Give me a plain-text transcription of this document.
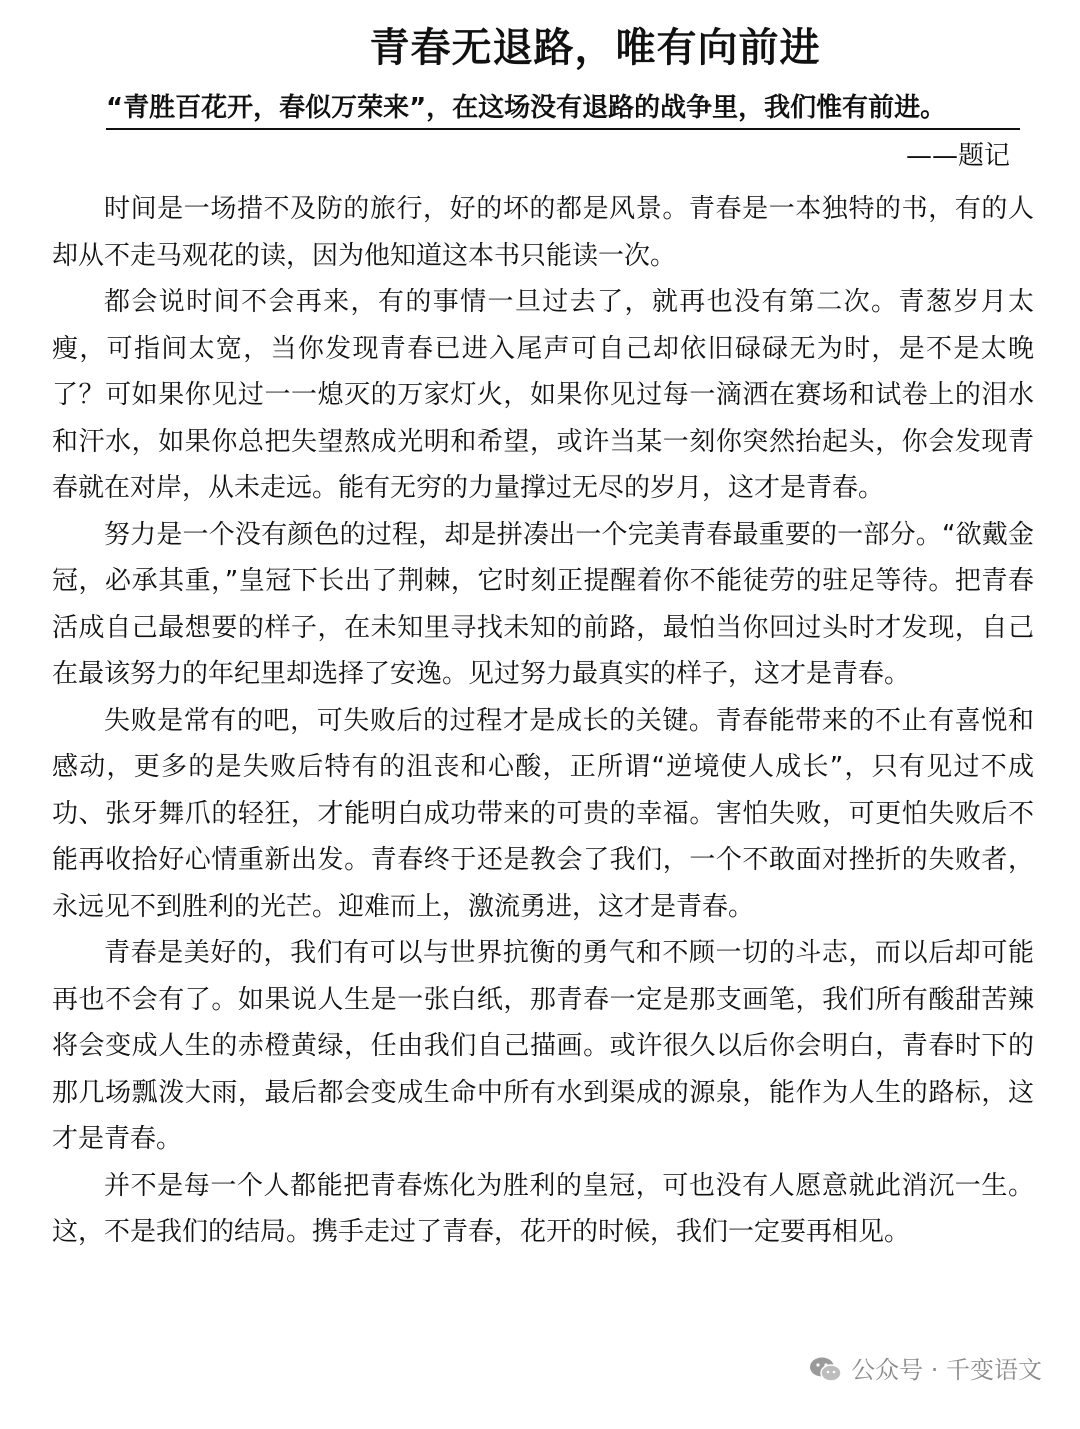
青春无退路，唯有向前进
“青胜百花开，春似万荣来”，在这场没有退路的战争里，我们惟有前进。
——题记

时间是一场措不及防的旅行，好的坏的都是风景。青春是一本独特的书，有的人却从不走马观花的读，因为他知道这本书只能读一次。

都会说时间不会再来，有的事情一旦过去了，就再也没有第二次。青葱岁月太瘦，可指间太宽，当你发现青春已进入尾声可自己却依旧碌碌无为时，是不是太晚了？可如果你见过一一熄灭的万家灯火，如果你见过每一滴洒在赛场和试卷上的泪水和汗水，如果你总把失望熬成光明和希望，或许当某一刻你突然抬起头，你会发现青春就在对岸，从未走远。能有无穷的力量撑过无尽的岁月，这才是青春。

努力是一个没有颜色的过程，却是拼凑出一个完美青春最重要的一部分。“欲戴金冠，必承其重，”皇冠下长出了荆棘，它时刻正提醒着你不能徒劳的驻足等待。把青春活成自己最想要的样子，在未知里寻找未知的前路，最怕当你回过头时才发现，自己在最该努力的年纪里却选择了安逸。见过努力最真实的样子，这才是青春。

失败是常有的吧，可失败后的过程才是成长的关键。青春能带来的不止有喜悦和感动，更多的是失败后特有的沮丧和心酸，正所谓“逆境使人成长”，只有见过不成功、张牙舞爪的轻狂，才能明白成功带来的可贵的幸福。害怕失败，可更怕失败后不能再收拾好心情重新出发。青春终于还是教会了我们，一个不敢面对挫折的失败者，永远见不到胜利的光芒。迎难而上，激流勇进，这才是青春。

青春是美好的，我们有可以与世界抗衡的勇气和不顾一切的斗志，而以后却可能再也不会有了。如果说人生是一张白纸，那青春一定是那支画笔，我们所有酸甜苦辣将会变成人生的赤橙黄绿，任由我们自己描画。或许很久以后你会明白，青春时下的那几场瓢泼大雨，最后都会变成生命中所有水到渠成的源泉，能作为人生的路标，这才是青春。

并不是每一个人都能把青春炼化为胜利的皇冠，可也没有人愿意就此消沉一生。这，不是我们的结局。携手走过了青春，花开的时候，我们一定要再相见。

公众号 · 千变语文
